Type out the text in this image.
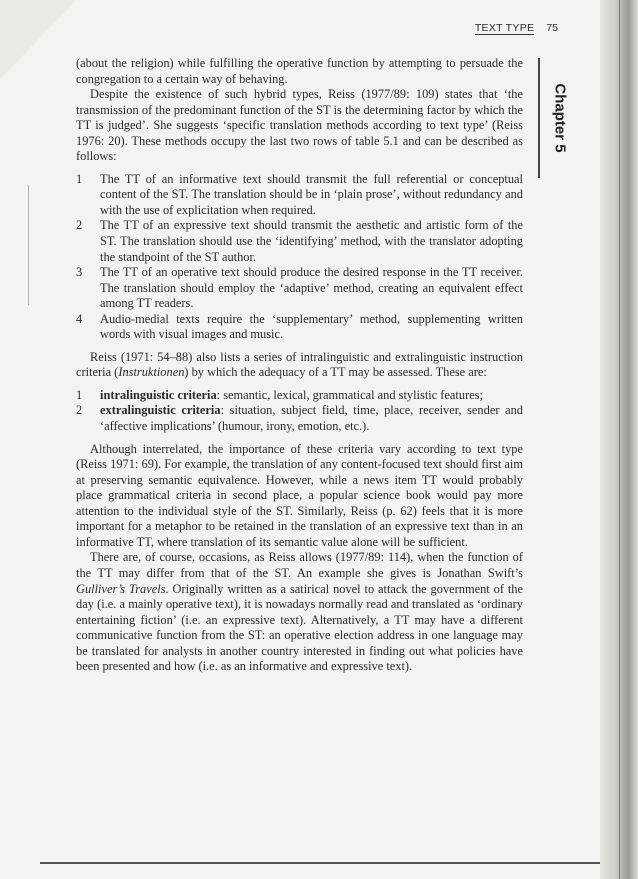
TEXT TYPE 75
Chapter 5

(about the religion) while fulfilling the operative function by attempting to persuade the congregation to a certain way of behaving.

Despite the existence of such hybrid types, Reiss (1977/89: 109) states that ‘the transmission of the predominant function of the ST is the determining factor by which the TT is judged’. She suggests ‘specific translation methods according to text type’ (Reiss 1976: 20). These methods occupy the last two rows of table 5.1 and can be described as follows:

1 The TT of an informative text should transmit the full referential or conceptual content of the ST. The translation should be in ‘plain prose’, without redundancy and with the use of explicitation when required.
2 The TT of an expressive text should transmit the aesthetic and artistic form of the ST. The translation should use the ‘identifying’ method, with the translator adopting the standpoint of the ST author.
3 The TT of an operative text should produce the desired response in the TT receiver. The translation should employ the ‘adaptive’ method, creating an equivalent effect among TT readers.
4 Audio-medial texts require the ‘supplementary’ method, supplementing written words with visual images and music.

Reiss (1971: 54–88) also lists a series of intralinguistic and extralinguistic instruction criteria (Instruktionen) by which the adequacy of a TT may be assessed. These are:

1 intralinguistic criteria: semantic, lexical, grammatical and stylistic features;
2 extralinguistic criteria: situation, subject field, time, place, receiver, sender and ‘affective implications’ (humour, irony, emotion, etc.).

Although interrelated, the importance of these criteria vary according to text type (Reiss 1971: 69). For example, the translation of any content-focused text should first aim at preserving semantic equivalence. However, while a news item TT would probably place grammatical criteria in second place, a popular science book would pay more attention to the individual style of the ST. Similarly, Reiss (p. 62) feels that it is more important for a metaphor to be retained in the translation of an expressive text than in an informative TT, where translation of its semantic value alone will be sufficient.

There are, of course, occasions, as Reiss allows (1977/89: 114), when the function of the TT may differ from that of the ST. An example she gives is Jonathan Swift’s Gulliver’s Travels. Originally written as a satirical novel to attack the government of the day (i.e. a mainly operative text), it is nowadays normally read and translated as ‘ordinary entertaining fiction’ (i.e. an expressive text). Alternatively, a TT may have a different communicative function from the ST: an operative election address in one language may be translated for analysts in another country interested in finding out what policies have been presented and how (i.e. as an informative and expressive text).
